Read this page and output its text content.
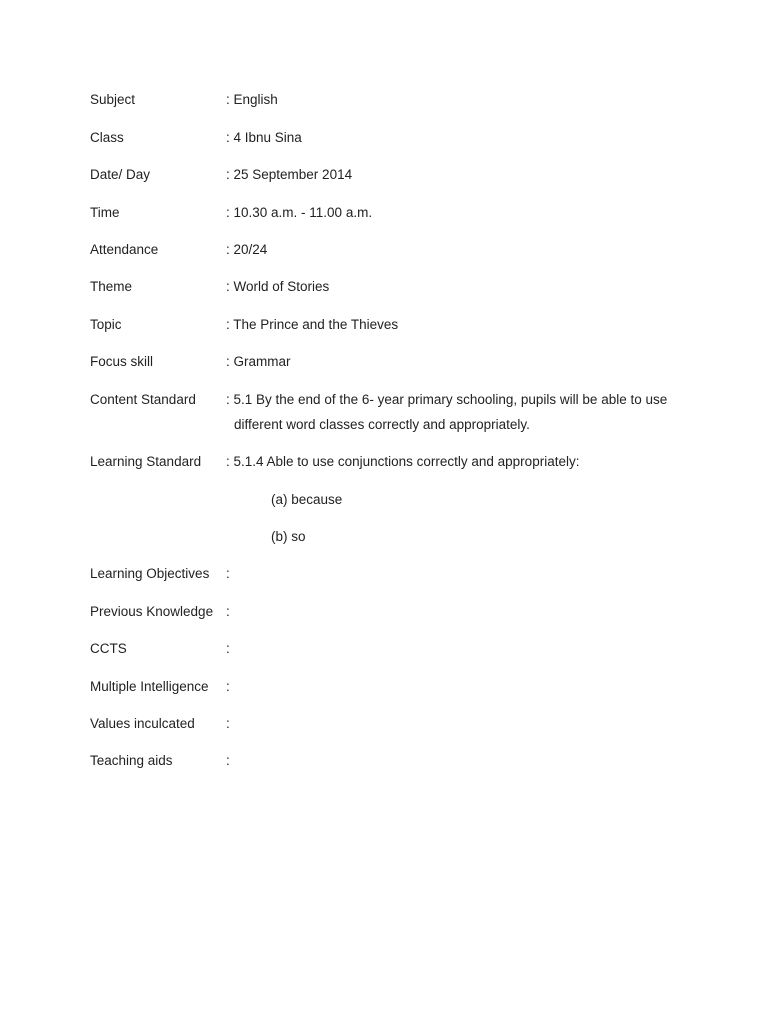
Subject	: English
Class	: 4 Ibnu Sina
Date/ Day	: 25 September 2014
Time	: 10.30 a.m. - 11.00 a.m.
Attendance	: 20/24
Theme	: World of Stories
Topic	: The Prince and the Thieves
Focus skill	: Grammar
Content Standard : 5.1 By the end of the 6- year primary schooling, pupils will be able to use
different word classes correctly and appropriately.
Learning Standard : 5.1.4 Able to use conjunctions correctly and appropriately:
(a) because
(b) so
Learning Objectives :
Previous Knowledge :
CCTS	:
Multiple Intelligence :
Values inculcated :
Teaching aids	:
